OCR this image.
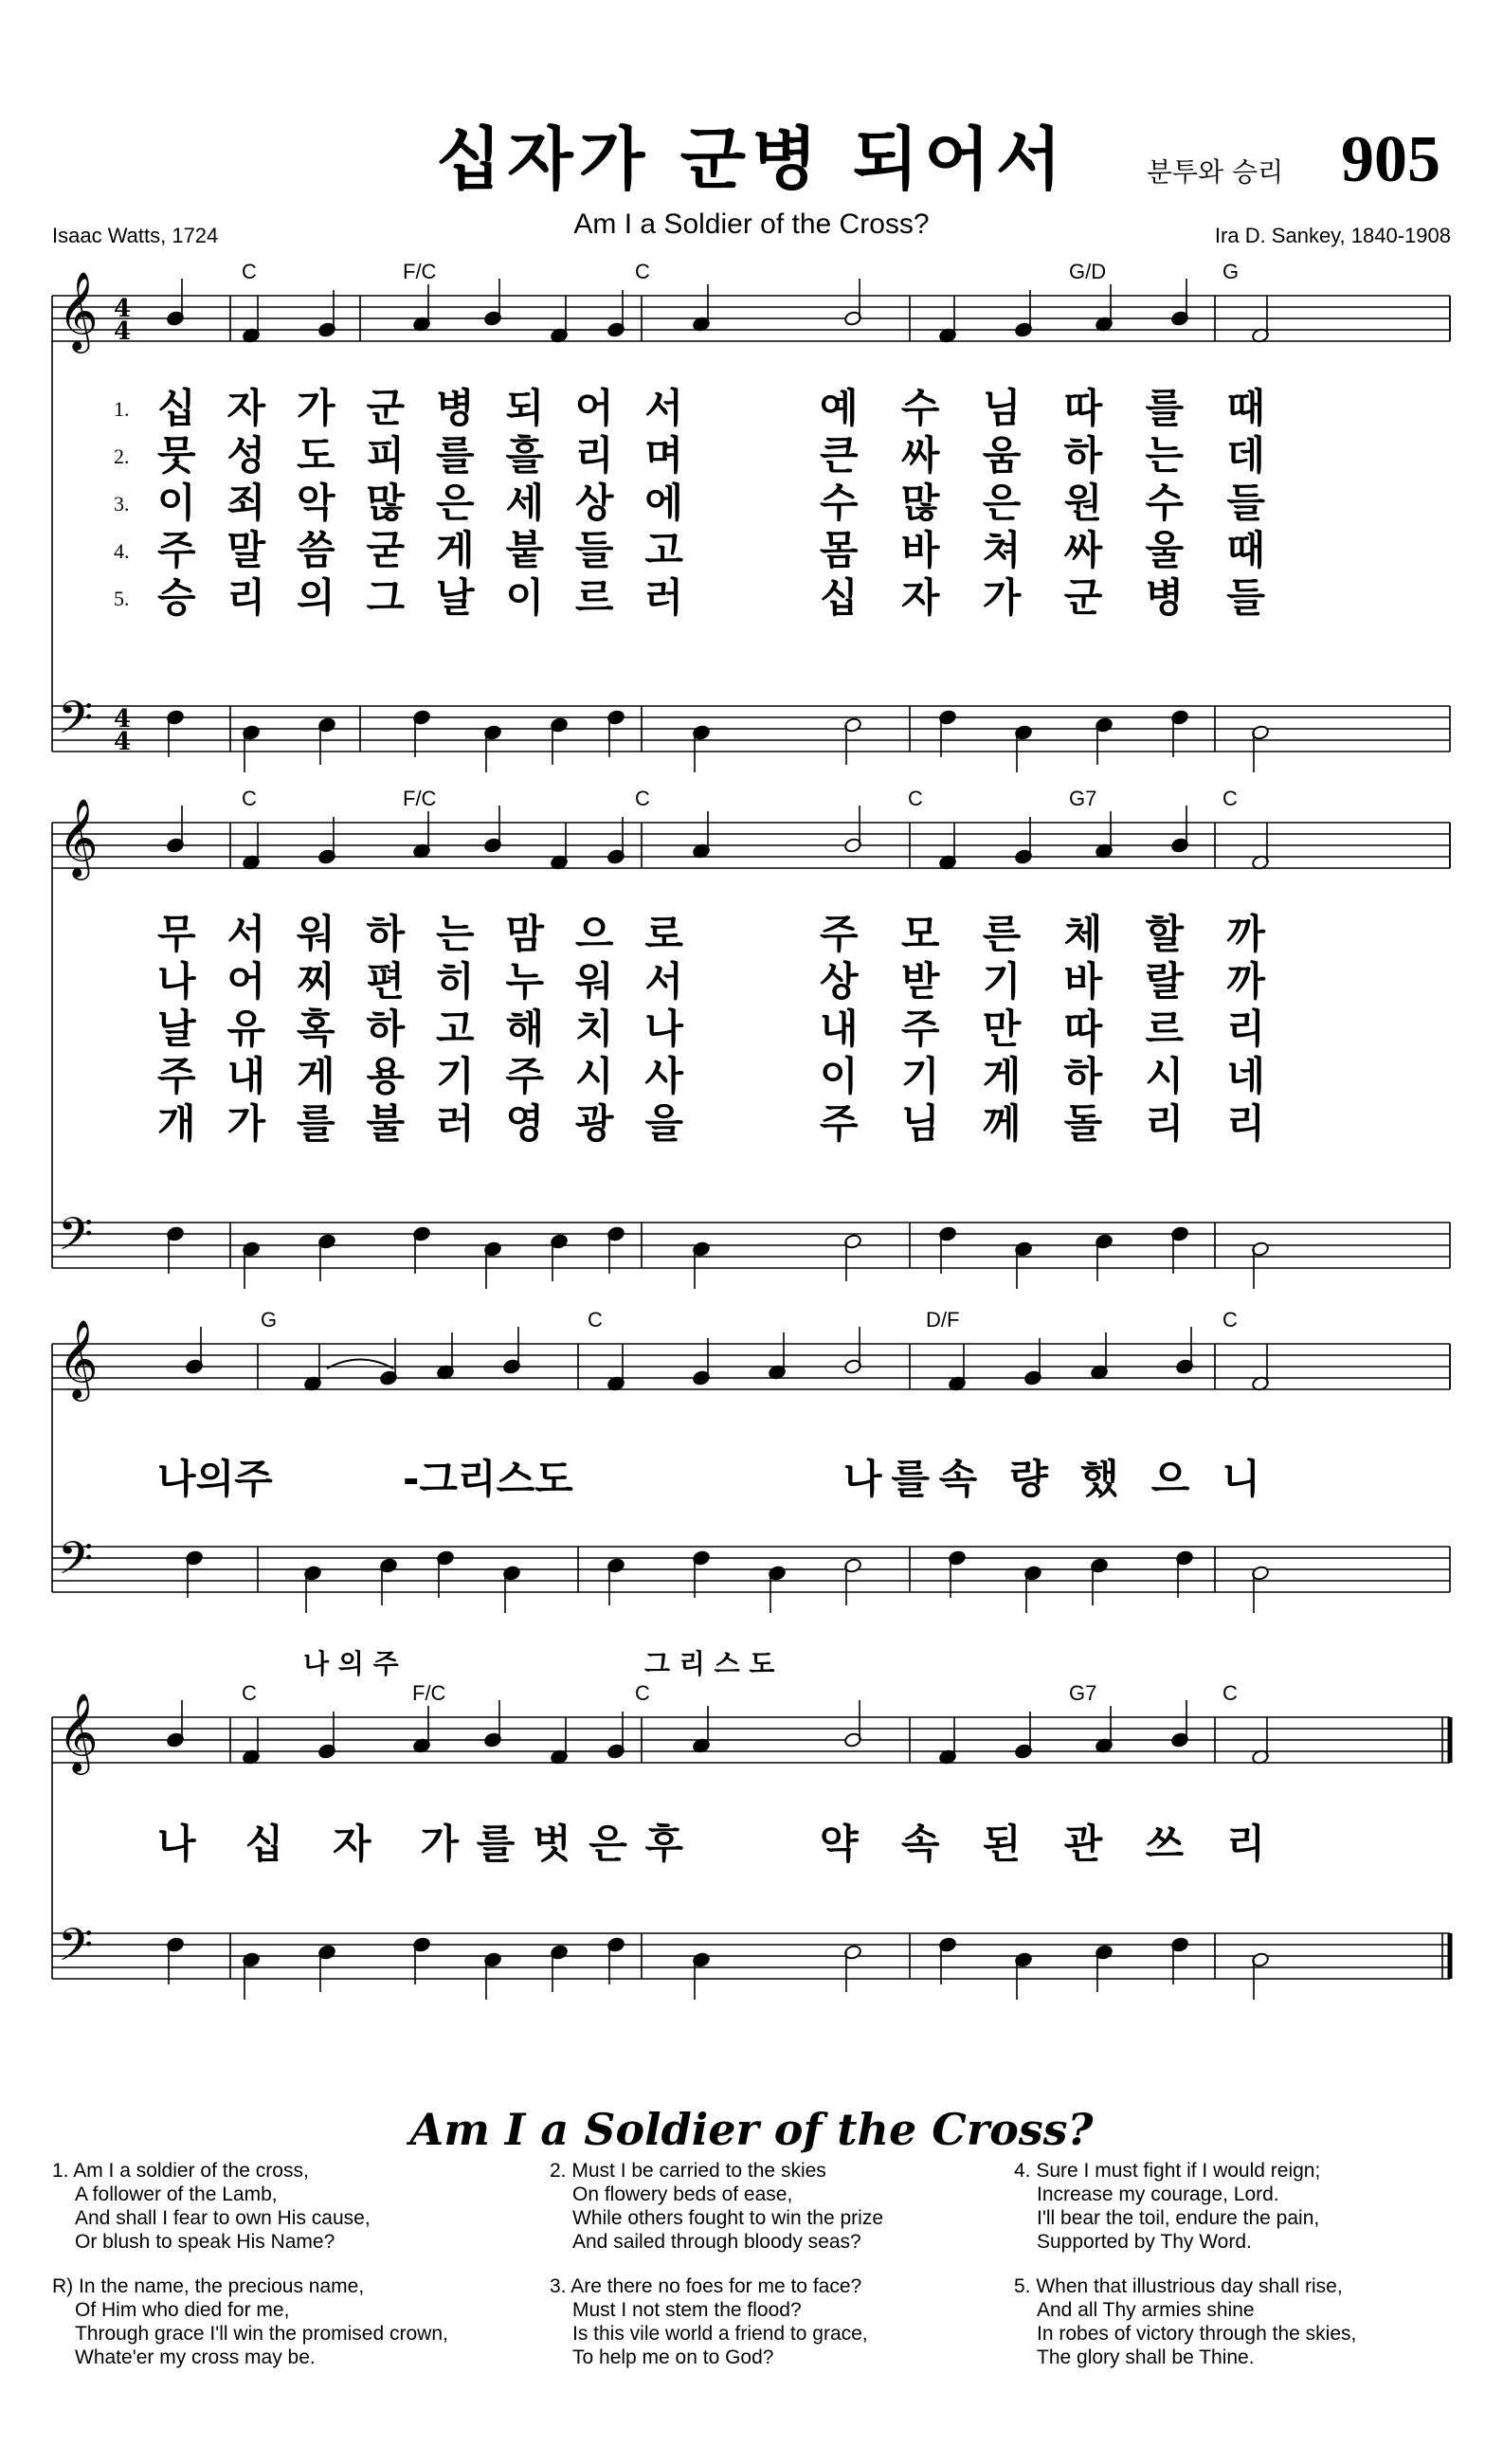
십자가 군병 되어서
Am I a Soldier of the Cross?
Isaac Watts, 1724	Ira D. Sankey, 1840-1908
분투와 승리 905
𝄞
𝄢
4
4
4
4
C	F/C	C	G/D	G
1. 십 자 가 군 병 되 어 서	예 수 님 따 를 때
2. 뭇 성 도 피 를 흘 리 며	큰 싸 움 하 는 데
3. 이 죄 악 많 은 세 상 에	수 많 은 원 수 들
4. 주 말 씀 굳 게 붙 들 고	몸 바 쳐 싸 울 때
5. 승 리 의 그 날 이 르 러	십 자 가 군 병 들
𝄞
𝄢
C	F/C	C	C	G7	C
무 서 워 하 는 맘 으 로	주 모 른 체 할 까
나 어 찌 편 히 누 워 서	상 받 기 바 랄 까
날 유 혹 하 고 해 치 나	내 주 만 따 르 리
주 내 게 용 기 주 시 사	이 기 게 하 시 네
개 가 를 불 러 영 광 을	주 님 께 돌 리 리
𝄞
𝄢
G	C	D/F	C
나의주	-그리스도	나를속 량 했 으 니
나 의 주	그 리 스 도
𝄞
𝄢
C	F/C	C	G7	C
나 십 자 가를벗은후	약 속 된 관 쓰 리
Am I a Soldier of the Cross?
1. Am I a soldier of the cross,
A follower of the Lamb,
And shall I fear to own His cause,
Or blush to speak His Name?
R) In the name, the precious name,
Of Him who died for me,
Through grace I'll win the promised crown,
Whate'er my cross may be.
2. Must I be carried to the skies
On flowery beds of ease,
While others fought to win the prize
And sailed through bloody seas?
3. Are there no foes for me to face?
Must I not stem the flood?
Is this vile world a friend to grace,
To help me on to God?
4. Sure I must fight if I would reign;
Increase my courage, Lord.
I'll bear the toil, endure the pain,
Supported by Thy Word.
5. When that illustrious day shall rise,
And all Thy armies shine
In robes of victory through the skies,
The glory shall be Thine.
